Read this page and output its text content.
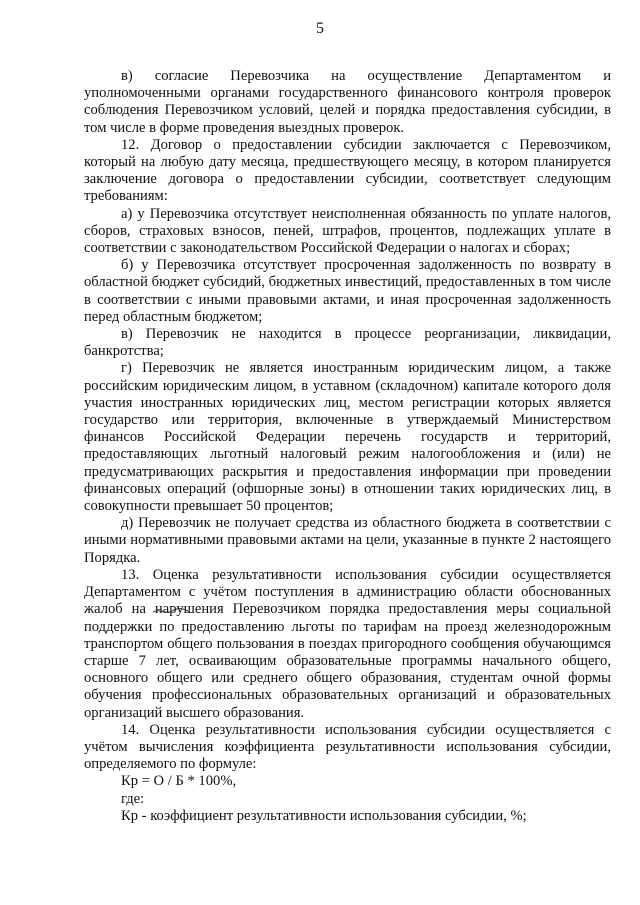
5

в) согласие Перевозчика на осуществление Департаментом и уполномоченными органами государственного финансового контроля проверок соблюдения Перевозчиком условий, целей и порядка предоставления субсидии, в том числе в форме проведения выездных проверок.

12. Договор о предоставлении субсидии заключается с Перевозчиком, который на любую дату месяца, предшествующего месяцу, в котором планируется заключение договора о предоставлении субсидии, соответствует следующим требованиям:

а) у Перевозчика отсутствует неисполненная обязанность по уплате налогов, сборов, страховых взносов, пеней, штрафов, процентов, подлежащих уплате в соответствии с законодательством Российской Федерации о налогах и сборах;

б) у Перевозчика отсутствует просроченная задолженность по возврату в областной бюджет субсидий, бюджетных инвестиций, предоставленных в том числе в соответствии с иными правовыми актами, и иная просроченная задолженность перед областным бюджетом;

в) Перевозчик не находится в процессе реорганизации, ликвидации, банкротства;

г) Перевозчик не является иностранным юридическим лицом, а также российским юридическим лицом, в уставном (складочном) капитале которого доля участия иностранных юридических лиц, местом регистрации которых является государство или территория, включенные в утверждаемый Министерством финансов Российской Федерации перечень государств и территорий, предоставляющих льготный налоговый режим налогообложения и (или) не предусматривающих раскрытия и предоставления информации при проведении финансовых операций (офшорные зоны) в отношении таких юридических лиц, в совокупности превышает 50 процентов;

д) Перевозчик не получает средства из областного бюджета в соответствии с иными нормативными правовыми актами на цели, указанные в пункте 2 настоящего Порядка.

13. Оценка результативности использования субсидии осуществляется Департаментом с учётом поступления в администрацию области обоснованных жалоб на нарушения Перевозчиком порядка предоставления меры социальной поддержки по предоставлению льготы по тарифам на проезд железнодорожным транспортом общего пользования в поездах пригородного сообщения обучающимся старше 7 лет, осваивающим образовательные программы начального общего, основного общего или среднего общего образования, студентам очной формы обучения профессиональных образовательных организаций и образовательных организаций высшего образования.

14. Оценка результативности использования субсидии осуществляется с учётом вычисления коэффициента результативности использования субсидии, определяемого по формуле:

Кр = О / Б * 100%,

где:

Кр - коэффициент результативности использования субсидии, %;
